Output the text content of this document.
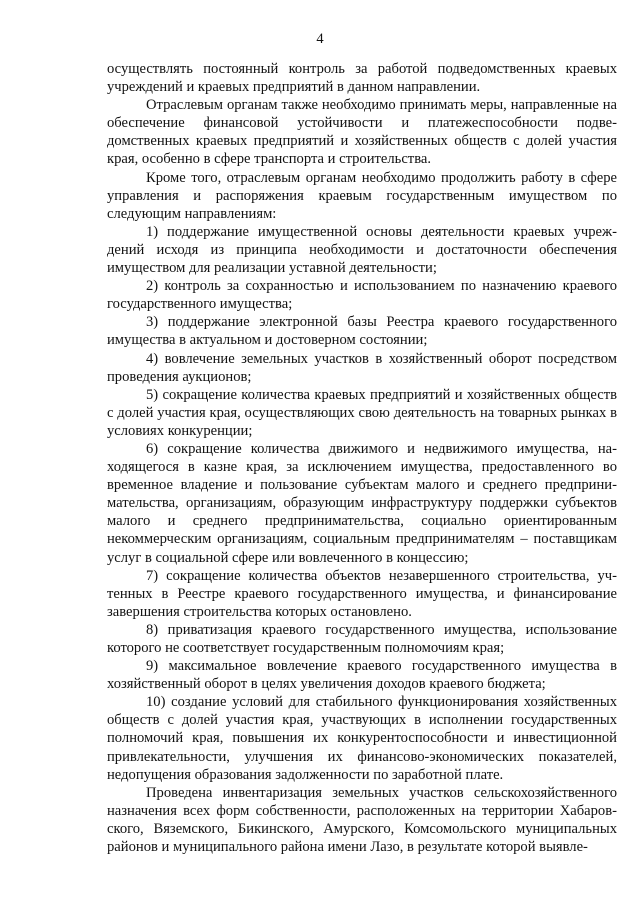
4

осуществлять постоянный контроль за работой подведомственных краевых учреждений и краевых предприятий в данном направлении.

Отраслевым органам также необходимо принимать меры, направленные на обеспечение финансовой устойчивости и платежеспособности подведомственных краевых предприятий и хозяйственных обществ с долей участия края, особенно в сфере транспорта и строительства.

Кроме того, отраслевым органам необходимо продолжить работу в сфере управления и распоряжения краевым государственным имуществом по следующим направлениям:

1) поддержание имущественной основы деятельности краевых учреждений исходя из принципа необходимости и достаточности обеспечения имуществом для реализации уставной деятельности;

2) контроль за сохранностью и использованием по назначению краевого государственного имущества;

3) поддержание электронной базы Реестра краевого государственного имущества в актуальном и достоверном состоянии;

4) вовлечение земельных участков в хозяйственный оборот посредством проведения аукционов;

5) сокращение количества краевых предприятий и хозяйственных обществ с долей участия края, осуществляющих свою деятельность на товарных рынках в условиях конкуренции;

6) сокращение количества движимого и недвижимого имущества, находящегося в казне края, за исключением имущества, предоставленного во временное владение и пользование субъектам малого и среднего предпринимательства, организациям, образующим инфраструктуру поддержки субъектов малого и среднего предпринимательства, социально ориентированным некоммерческим организациям, социальным предпринимателям – поставщикам услуг в социальной сфере или вовлеченного в концессию;

7) сокращение количества объектов незавершенного строительства, учтенных в Реестре краевого государственного имущества, и финансирование завершения строительства которых остановлено.

8) приватизация краевого государственного имущества, использование которого не соответствует государственным полномочиям края;

9) максимальное вовлечение краевого государственного имущества в хозяйственный оборот в целях увеличения доходов краевого бюджета;

10) создание условий для стабильного функционирования хозяйственных обществ с долей участия края, участвующих в исполнении государственных полномочий края, повышения их конкурентоспособности и инвестиционной привлекательности, улучшения их финансово-экономических показателей, недопущения образования задолженности по заработной плате.

Проведена инвентаризация земельных участков сельскохозяйственного назначения всех форм собственности, расположенных на территории Хабаровского, Вяземского, Бикинского, Амурского, Комсомольского муниципальных районов и муниципального района имени Лазо, в результате которой выявле-
